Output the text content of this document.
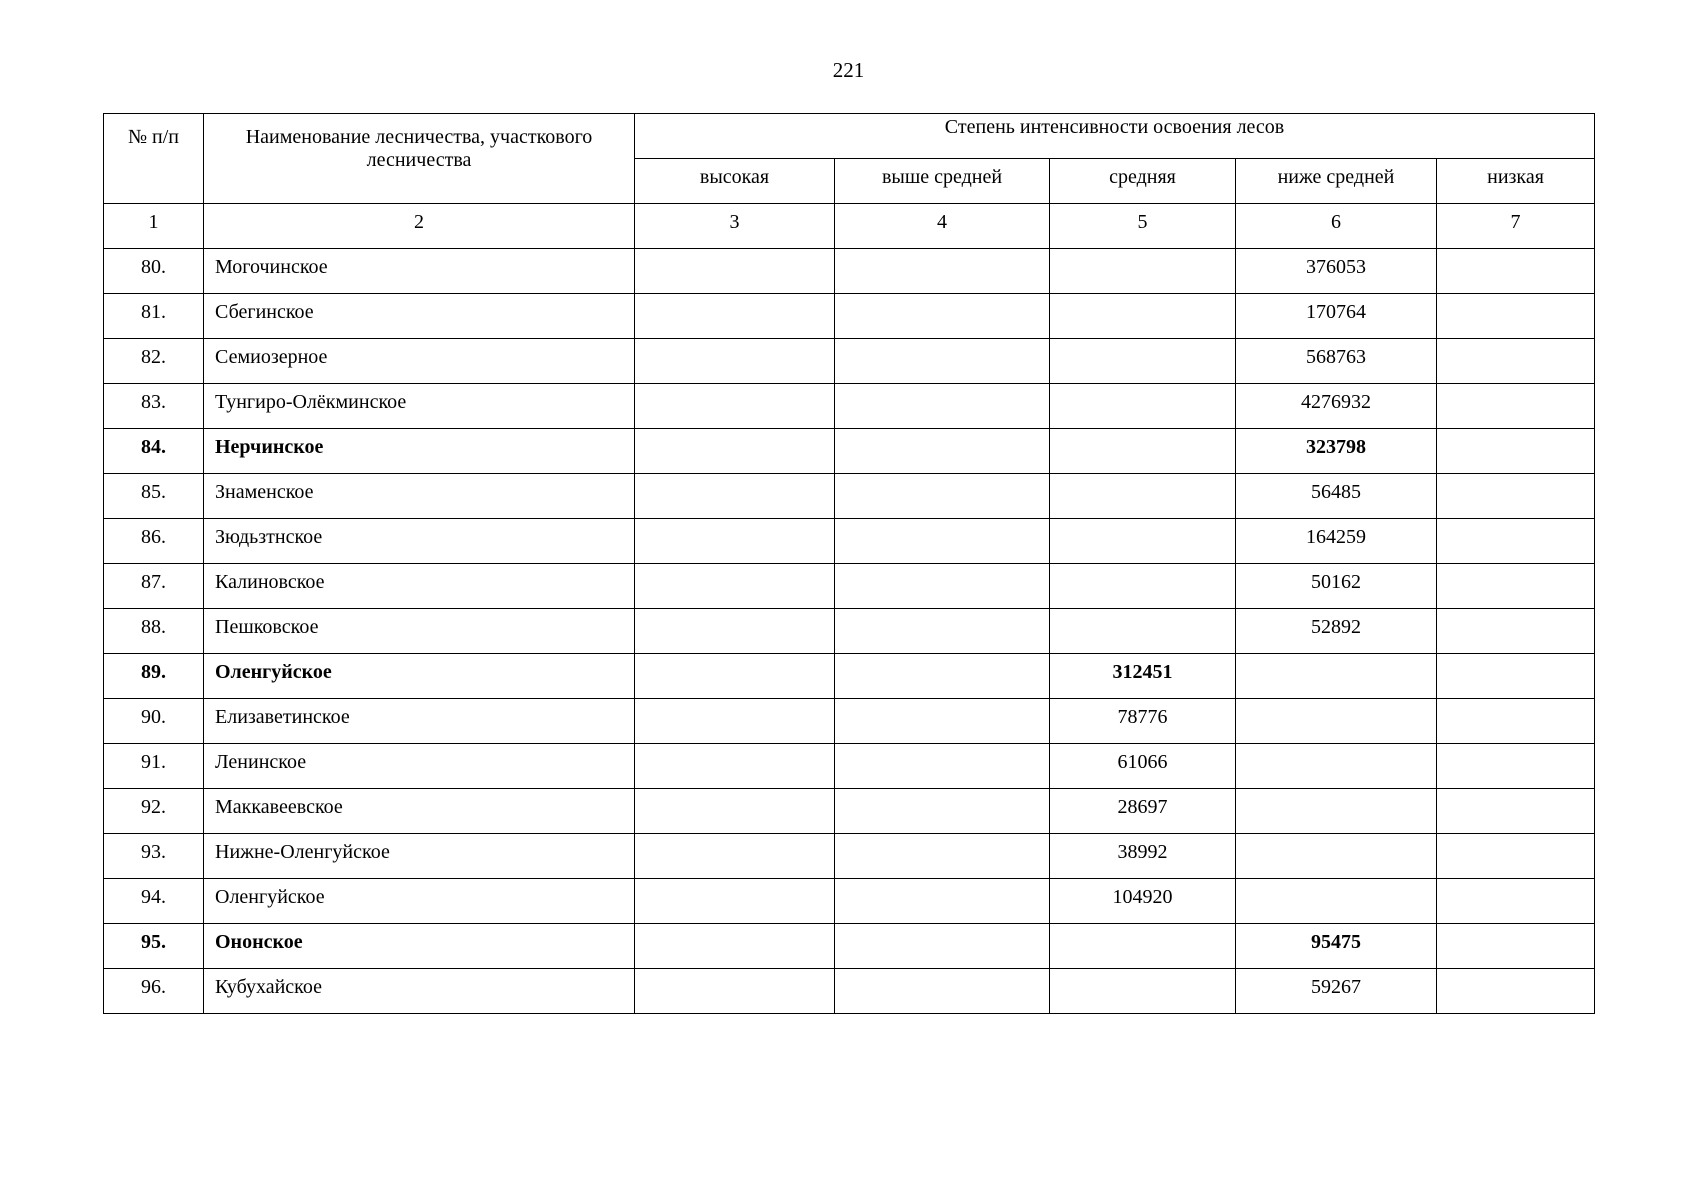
221
№ п/п	Наименование лесничества, участкового лесничества	Степень интенсивности освоения лесов				

		высокая	выше средней	средняя	ниже средней	низкая

1	2	3	4	5	6	7

80.	Могочинское				376053	

81.	Сбегинское				170764	

82.	Семиозерное				568763	

83.	Тунгиро-Олёкминское				4276932	

84.	Нерчинское				323798	

85.	Знаменское				56485	

86.	Зюдьзтнское				164259	

87.	Калиновское				50162	

88.	Пешковское				52892	

89.	Оленгуйское			312451		

90.	Елизаветинское			78776		

91.	Ленинское			61066		

92.	Маккавеевское			28697		

93.	Нижне-Оленгуйское			38992		

94.	Оленгуйское			104920		

95.	Ононское				95475	

96.	Кубухайское				59267	
